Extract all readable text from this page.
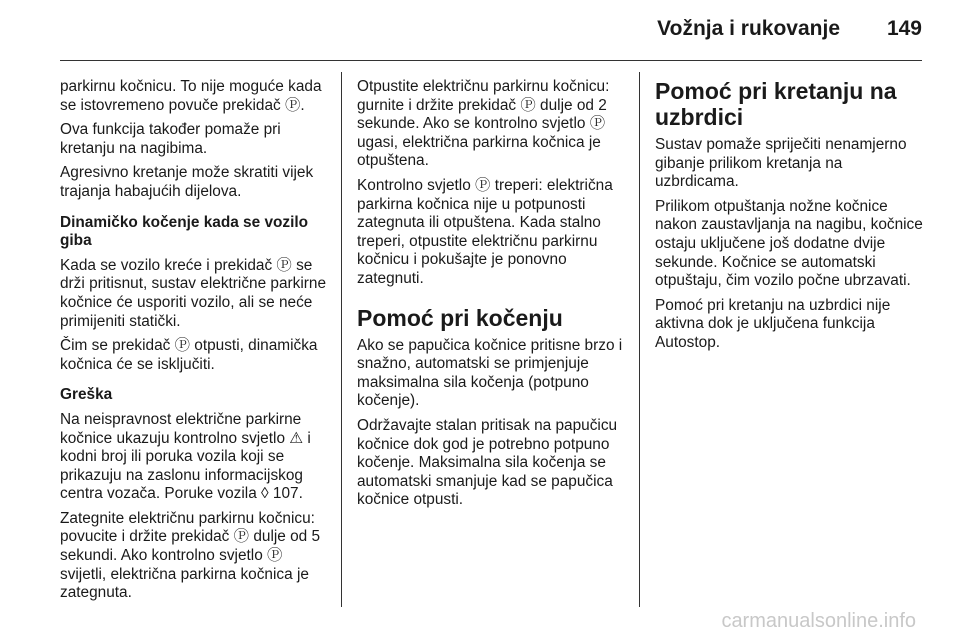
Vožnja i rukovanje	149

parkirnu kočnicu. To nije moguće kada se istovremeno povuče prekidač Ⓟ.

Ova funkcija također pomaže pri kretanju na nagibima.

Agresivno kretanje može skratiti vijek trajanja habajućih dijelova.

Dinamičko kočenje kada se vozilo giba

Kada se vozilo kreće i prekidač Ⓟ se drži pritisnut, sustav električne parkirne kočnice će usporiti vozilo, ali se neće primijeniti statički.

Čim se prekidač Ⓟ otpusti, dinamička kočnica će se isključiti.

Greška

Na neispravnost električne parkirne kočnice ukazuju kontrolno svjetlo ⚠ i kodni broj ili poruka vozila koji se prikazuju na zaslonu informacijskog centra vozača. Poruke vozila ◊ 107.

Zategnite električnu parkirnu kočnicu: povucite i držite prekidač Ⓟ dulje od 5 sekundi. Ako kontrolno svjetlo Ⓟ svijetli, električna parkirna kočnica je zategnuta.

Otpustite električnu parkirnu kočnicu: gurnite i držite prekidač Ⓟ dulje od 2 sekunde. Ako se kontrolno svjetlo Ⓟ ugasi, električna parkirna kočnica je otpuštena.

Kontrolno svjetlo Ⓟ treperi: električna parkirna kočnica nije u potpunosti zategnuta ili otpuštena. Kada stalno treperi, otpustite električnu parkirnu kočnicu i pokušajte je ponovno zategnuti.

Pomoć pri kočenju

Ako se papučica kočnice pritisne brzo i snažno, automatski se primjenjuje maksimalna sila kočenja (potpuno kočenje).

Održavajte stalan pritisak na papučicu kočnice dok god je potrebno potpuno kočenje. Maksimalna sila kočenja se automatski smanjuje kad se papučica kočnice otpusti.

Pomoć pri kretanju na uzbrdici

Sustav pomaže spriječiti nenamjerno gibanje prilikom kretanja na uzbrdicama.

Prilikom otpuštanja nožne kočnice nakon zaustavljanja na nagibu, kočnice ostaju uključene još dodatne dvije sekunde. Kočnice se automatski otpuštaju, čim vozilo počne ubrzavati.

Pomoć pri kretanju na uzbrdici nije aktivna dok je uključena funkcija Autostop.

carmanualsonline.info
